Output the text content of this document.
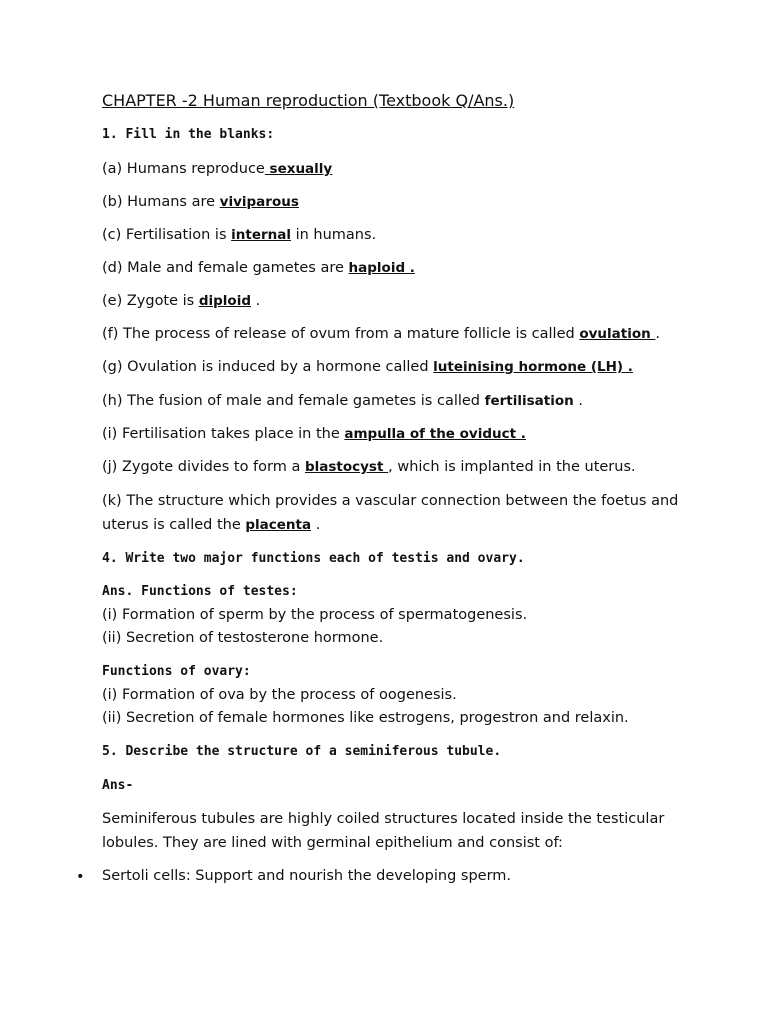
CHAPTER -2 Human reproduction (Textbook Q/Ans.)
1. Fill in the blanks:
(a) Humans reproduce sexually
(b) Humans are viviparous
(c) Fertilisation is internal in humans.
(d) Male and female gametes are haploid .
(e) Zygote is diploid .
(f) The process of release of ovum from a mature follicle is called ovulation .
(g) Ovulation is induced by a hormone called luteinising hormone (LH) .
(h) The fusion of male and female gametes is called fertilisation .
(i) Fertilisation takes place in the ampulla of the oviduct .
(j) Zygote divides to form a blastocyst , which is implanted in the uterus.
(k) The structure which provides a vascular connection between the foetus and
uterus is called the placenta .
4. Write two major functions each of testis and ovary.
Ans. Functions of testes:
(i) Formation of sperm by the process of spermatogenesis.
(ii) Secretion of testosterone hormone.
Functions of ovary:
(i) Formation of ova by the process of oogenesis.
(ii) Secretion of female hormones like estrogens, progestron and relaxin.
5. Describe the structure of a seminiferous tubule.
Ans-
Seminiferous tubules are highly coiled structures located inside the testicular
lobules. They are lined with germinal epithelium and consist of:
• Sertoli cells: Support and nourish the developing sperm.
